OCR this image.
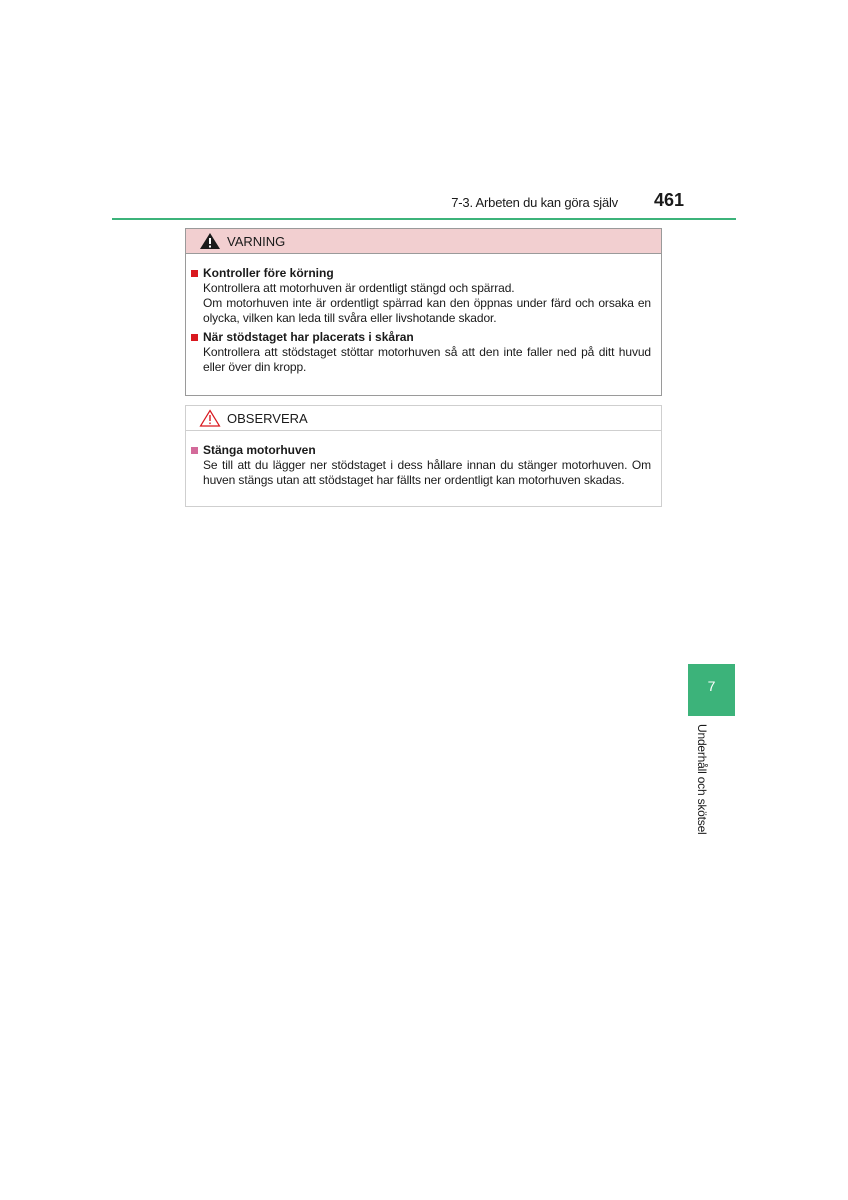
7-3. Arbeten du kan göra själv 461
VARNING
Kontroller före körning
Kontrollera att motorhuven är ordentligt stängd och spärrad.
Om motorhuven inte är ordentligt spärrad kan den öppnas under färd och orsaka en olycka, vilken kan leda till svåra eller livshotande skador.
När stödstaget har placerats i skåran
Kontrollera att stödstaget stöttar motorhuven så att den inte faller ned på ditt huvud eller över din kropp.
OBSERVERA
Stänga motorhuven
Se till att du lägger ner stödstaget i dess hållare innan du stänger motorhuven. Om huven stängs utan att stödstaget har fällts ner ordentligt kan motorhuven skadas.
7
Underhåll och skötsel
